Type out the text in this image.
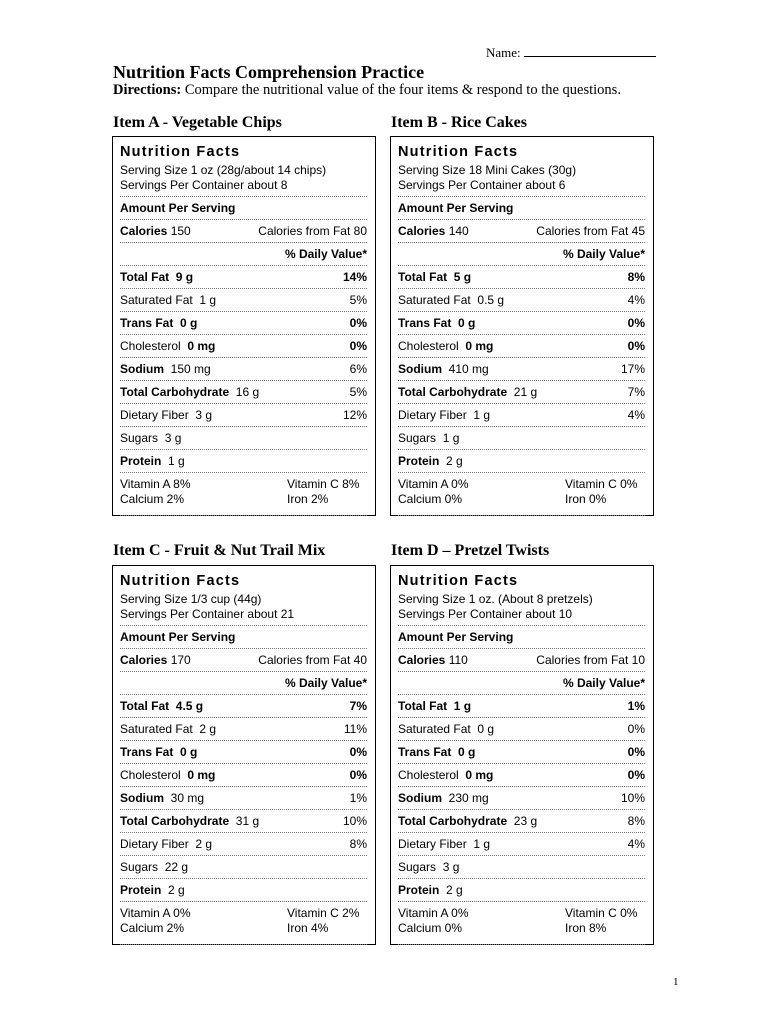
Name:
Nutrition Facts Comprehension Practice
Directions: Compare the nutritional value of the four items & respond to the questions.
Item A - Vegetable Chips
Nutrition Facts
Serving Size 1 oz (28g/about 14 chips)
Servings Per Container about 8
Amount Per Serving
Calories 150	Calories from Fat 80
% Daily Value*
Total Fat 9 g	14%
Saturated Fat 1 g	5%
Trans Fat 0 g	0%
Cholesterol 0 mg	0%
Sodium 150 mg	6%
Total Carbohydrate 16 g	5%
Dietary Fiber 3 g	12%
Sugars 3 g
Protein 1 g
Vitamin A 8%	Vitamin C 8%
Calcium 2%	Iron 2%
Item B - Rice Cakes
Nutrition Facts
Serving Size 18 Mini Cakes (30g)
Servings Per Container about 6
Amount Per Serving
Calories 140	Calories from Fat 45
% Daily Value*
Total Fat 5 g	8%
Saturated Fat 0.5 g	4%
Trans Fat 0 g	0%
Cholesterol 0 mg	0%
Sodium 410 mg	17%
Total Carbohydrate 21 g	7%
Dietary Fiber 1 g	4%
Sugars 1 g
Protein 2 g
Vitamin A 0%	Vitamin C 0%
Calcium 0%	Iron 0%
Item C - Fruit & Nut Trail Mix
Nutrition Facts
Serving Size 1/3 cup (44g)
Servings Per Container about 21
Amount Per Serving
Calories 170	Calories from Fat 40
% Daily Value*
Total Fat 4.5 g	7%
Saturated Fat 2 g	11%
Trans Fat 0 g	0%
Cholesterol 0 mg	0%
Sodium 30 mg	1%
Total Carbohydrate 31 g	10%
Dietary Fiber 2 g	8%
Sugars 22 g
Protein 2 g
Vitamin A 0%	Vitamin C 2%
Calcium 2%	Iron 4%
Item D – Pretzel Twists
Nutrition Facts
Serving Size 1 oz. (About 8 pretzels)
Servings Per Container about 10
Amount Per Serving
Calories 110	Calories from Fat 10
% Daily Value*
Total Fat 1 g	1%
Saturated Fat 0 g	0%
Trans Fat 0 g	0%
Cholesterol 0 mg	0%
Sodium 230 mg	10%
Total Carbohydrate 23 g	8%
Dietary Fiber 1 g	4%
Sugars 3 g
Protein 2 g
Vitamin A 0%	Vitamin C 0%
Calcium 0%	Iron 8%
1
